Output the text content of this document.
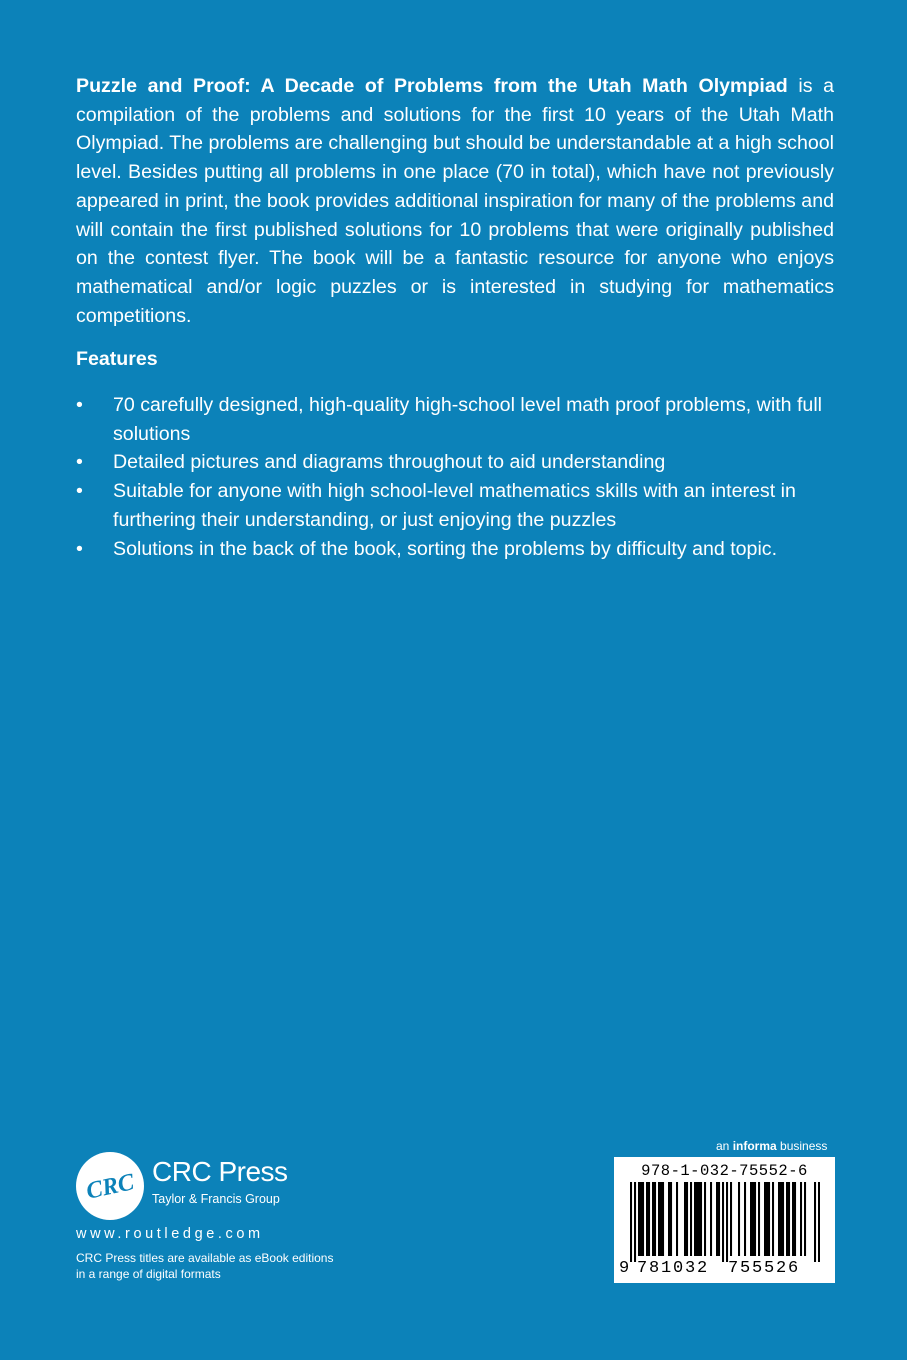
Puzzle and Proof: A Decade of Problems from the Utah Math Olympiad is a compilation of the problems and solutions for the first 10 years of the Utah Math Olympiad. The problems are challenging but should be understandable at a high school level. Besides putting all problems in one place (70 in total), which have not previously appeared in print, the book provides additional inspiration for many of the problems and will contain the first published solutions for 10 problems that were originally published on the contest flyer. The book will be a fantastic resource for anyone who enjoys mathematical and/or logic puzzles or is interested in studying for mathematics competitions.
Features
• 70 carefully designed, high-quality high-school level math proof problems, with full solutions
• Detailed pictures and diagrams throughout to aid understanding
• Suitable for anyone with high school-level mathematics skills with an interest in furthering their understanding, or just enjoying the puzzles
• Solutions in the back of the book, sorting the problems by difficulty and topic.
CRC CRC Press
Taylor & Francis Group
www.routledge.com
CRC Press titles are available as eBook editions in a range of digital formats
an informa business
978-1-032-75552-6
9 781032 755526
